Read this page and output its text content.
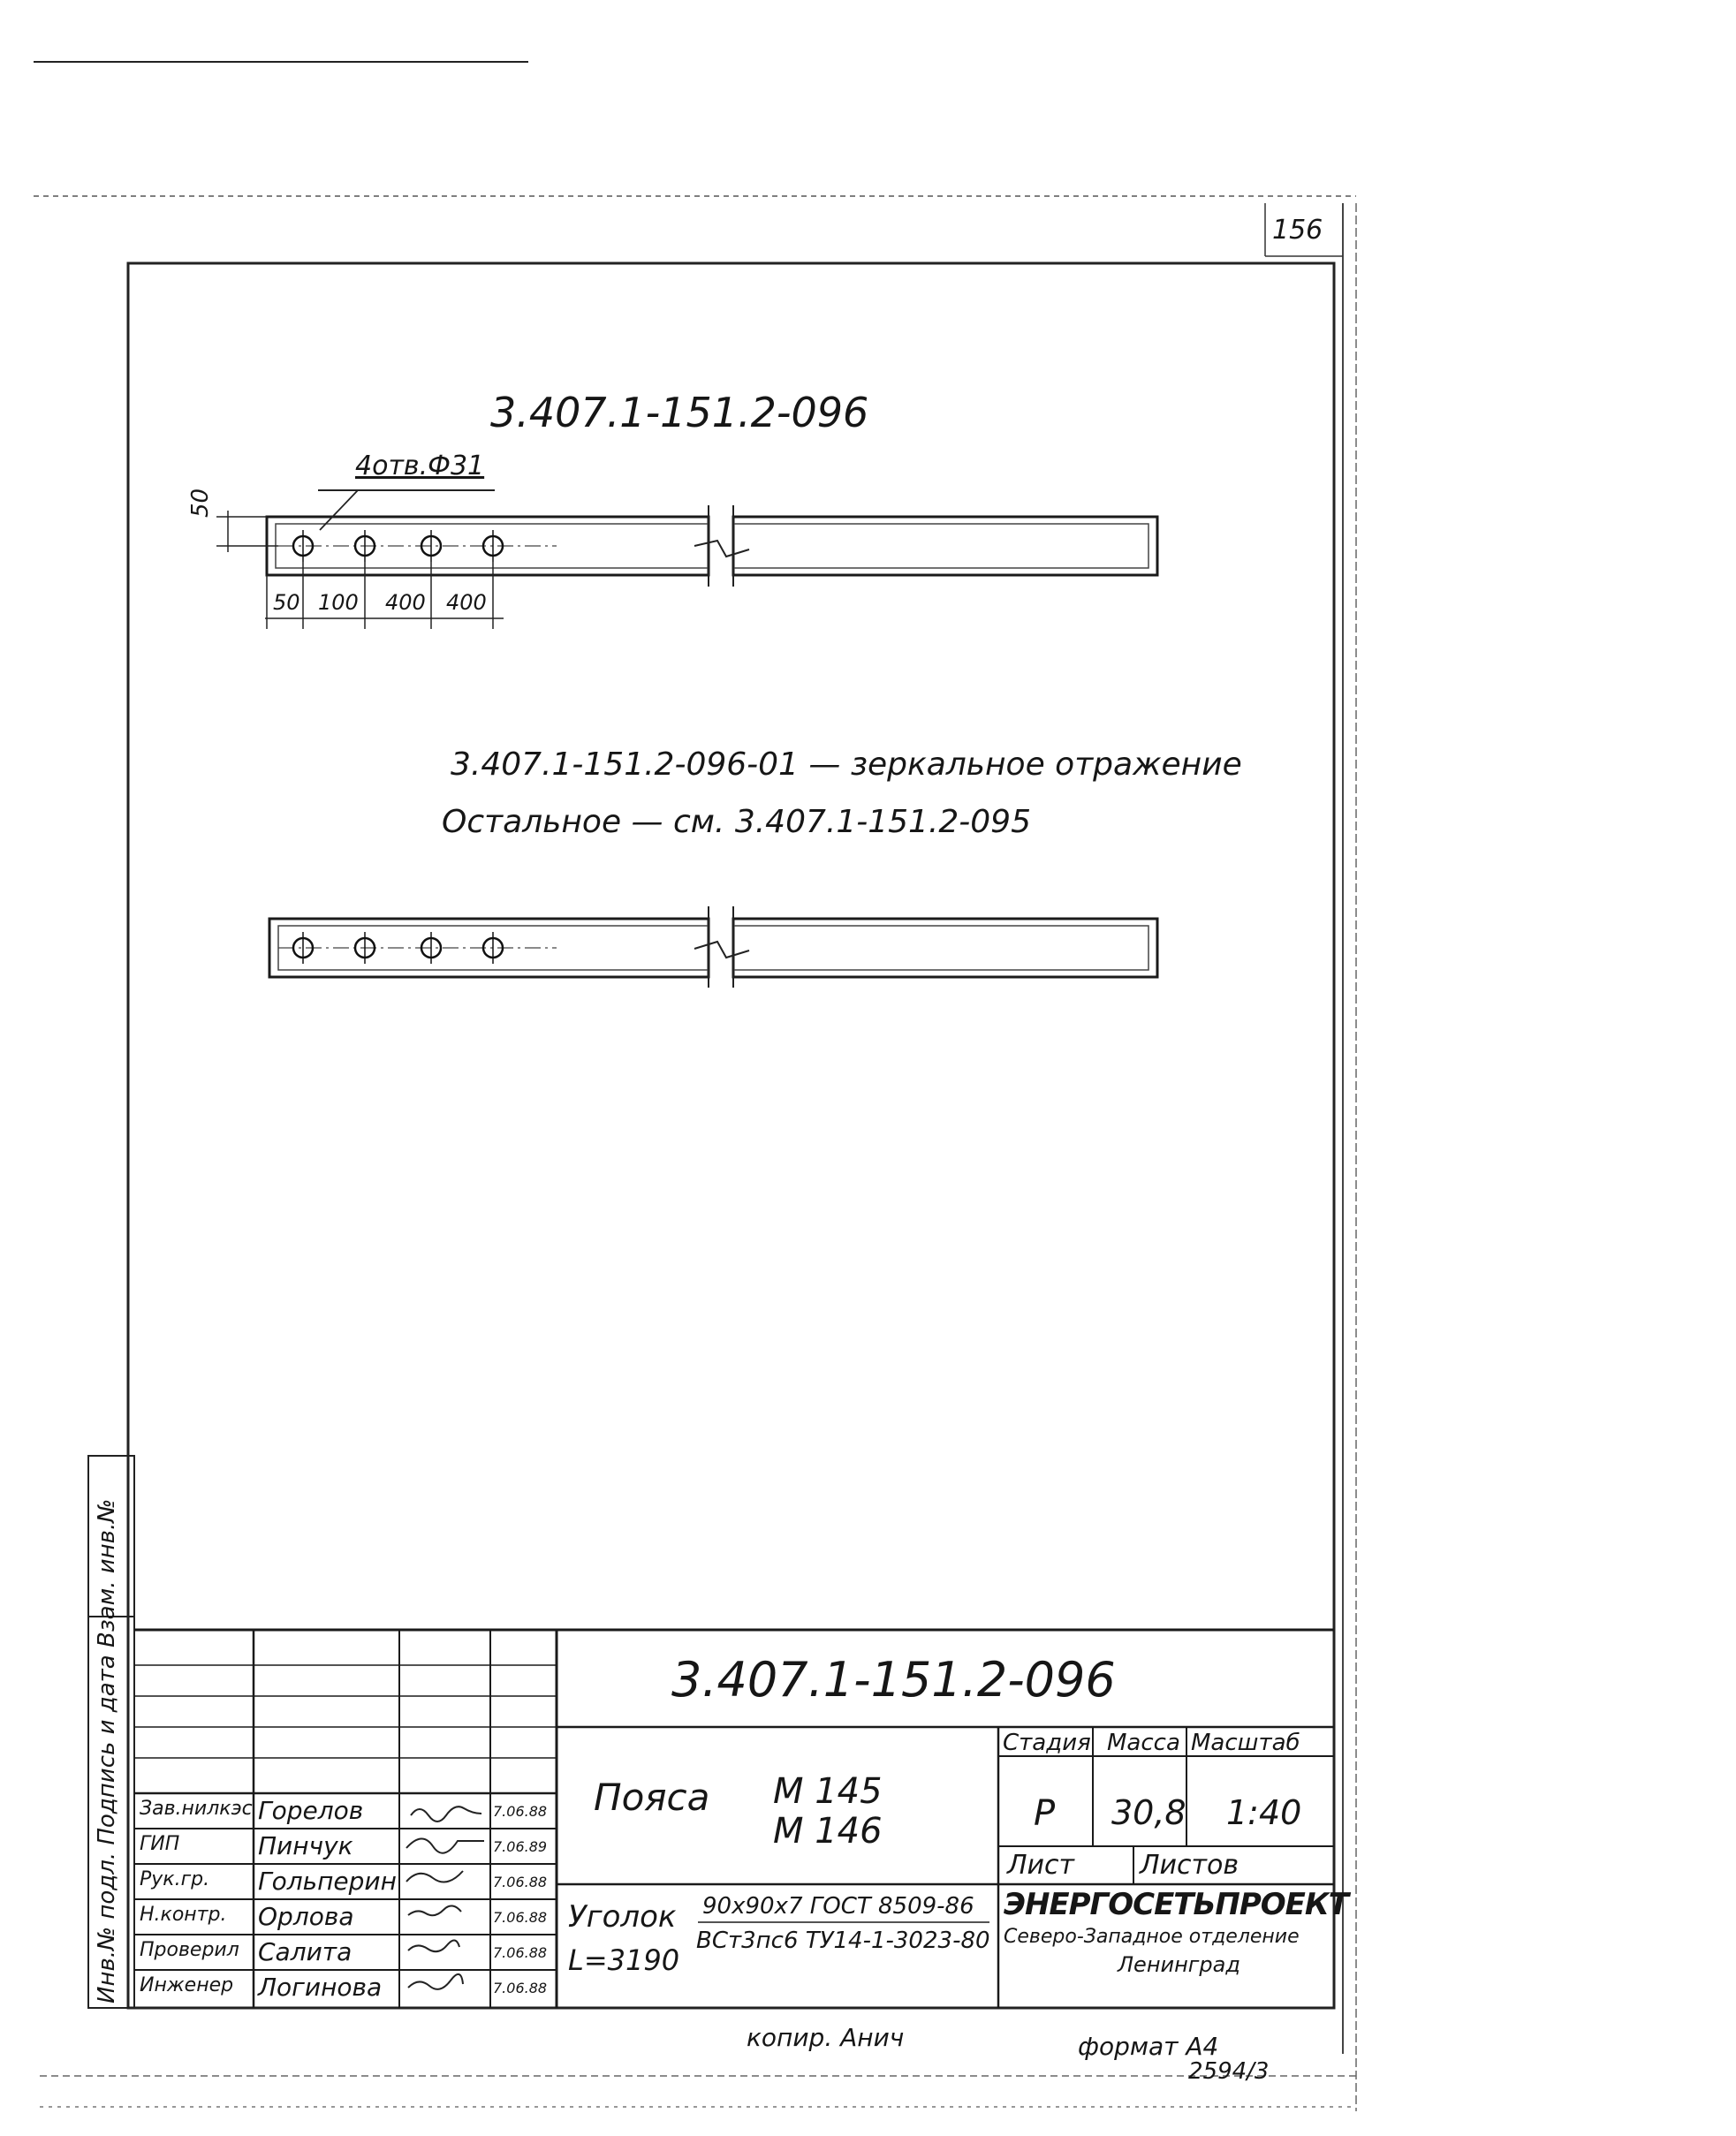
156
3.407.1-151.2-096
4отв.Ф31
50
50 100 400 400
3.407.1-151.2-096-01 — зеркальное отражение
Остальное — см. 3.407.1-151.2-095
Инв.№ подл. Подпись и дата Взам. инв.№	3.407.1-151.2-096
Пояса М 145
М 146
Стадия Масса Масштаб
Р 30,8 1:40
Лист Листов
ЭНЕРГОСЕТЬПРОЕКТ
Северо-Западное отделение
Ленинград
Уголок
L=3190
90х90х7 ГОСТ 8509-86
ВСт3пс6 ТУ14-1-3023-80
Зав.нилкэс Горелов	7.06.88
ГИП	Пинчук	7.06.89
Рук.гр. Гольперин	7.06.88
Н.контр. Орлова	7.06.88
Проверил Салита	7.06.88
Инженер Логинова	7.06.88
копир. Анич	формат А4
2594/3
